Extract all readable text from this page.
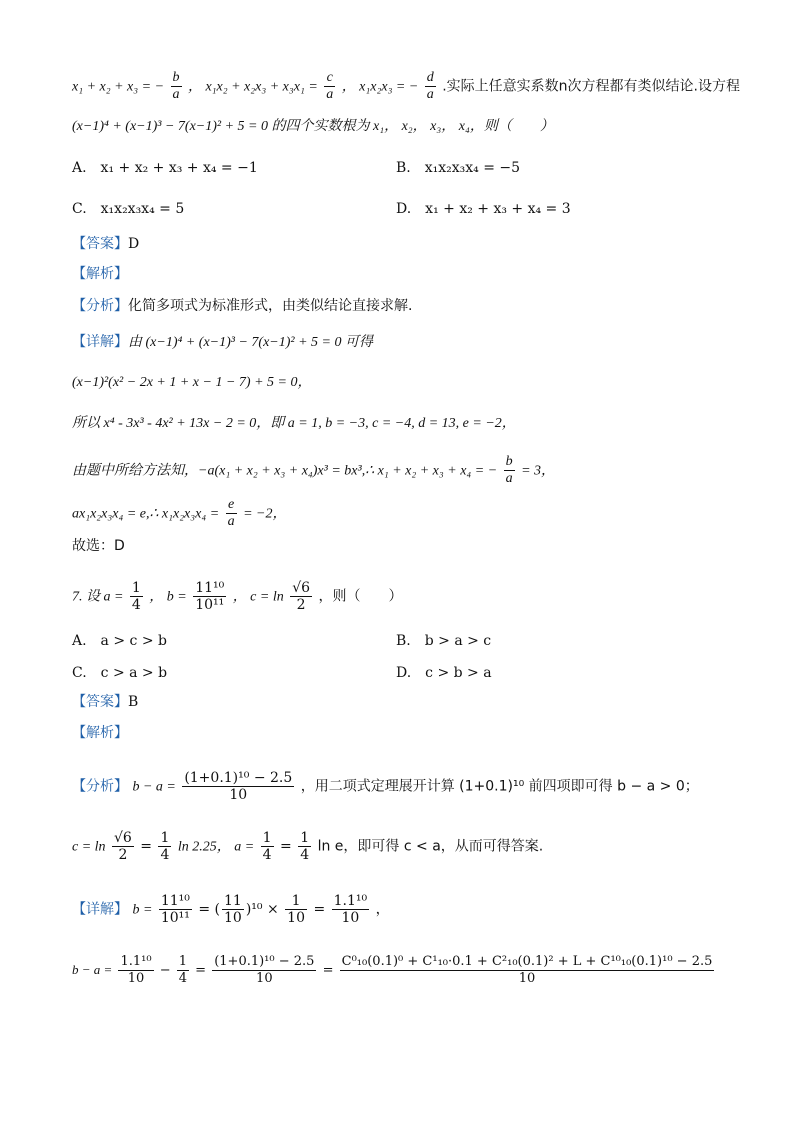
x₁ + x₂ + x₃ = − $\frac{b}{a}$ ， $x_1x_2 + x_2x_3 + x_3x_1 = \frac{c}{a}$ ， x₁x₂x₃ = − $\frac{d}{a}$ .实际上任意实系数n次方程都有类似结论.设方程
(x−1)⁴ + (x−1)³ − 7(x−1)² + 5 = 0 的四个实数根为 x₁， x₂， x₃， x₄，则（　　）
A.　x₁ + x₂ + x₃ + x₄ = −1	B.　x₁x₂x₃x₄ = −5
C.　x₁x₂x₃x₄ = 5	D.　x₁ + x₂ + x₃ + x₄ = 3
【答案】D
【解析】
【分析】化简多项式为标准形式，由类似结论直接求解.
【详解】由 (x−1)⁴ + (x−1)³ − 7(x−1)² + 5 = 0 可得
(x−1)²(x² − 2x + 1 + x − 1 − 7) + 5 = 0，
所以 x⁴ - 3x³ - 4x² + 13x − 2 = 0，即 a = 1, b = −3, c = −4, d = 13, e = −2，
由题中所给方法知，−a(x₁ + x₂ + x₃ + x₄)x³ = bx³,∴ x₁ + x₂ + x₃ + x₄ = − $\frac{b}{a} = 3$，
ax₁x₂x₃x₄ = e,∴ $x_1x_2x_3x_4 = \frac{e}{a} = -2$，
故选：D
7. 设 $a = \frac{1}{4}$ ， $b = \frac{\text{11¹⁰}}{\text{10¹¹}}$ ， $c = \ln \frac{√6}{2}$ ，则（　　）
A.　a > c > b	B.　b > a > c
C.　c > a > b	D.　c > b > a
【答案】B
【解析】
【分析】 $b - a = \frac{\text{(1+0.1)¹⁰ − 2.5}}{10}$ ，用二项式定理展开计算 (1+0.1)¹⁰ 前四项即可得 b − a > 0；
$c = \ln \frac{√6}{2} = \frac{1}{4}$ ln 2.25， $a = \frac{1}{4} = \frac{1}{4}$ ln e，即可得 c < a，从而可得答案.
【详解】 $b = \frac{\text{11¹⁰}}{\text{10¹¹}}$ = ( $\frac{11}{10} )^{10} \times \frac{1}{10} = \frac{\text{1.1¹⁰}}{10}$ ，
$b - a = \frac{\text{1.1¹⁰}}{10} - \frac{1}{4} = \frac{\text{(1+0.1)¹⁰ − 2.5}}{10} = \frac{\text{C⁰₁₀(0.1)⁰ + C¹₁₀·0.1 + C²₁₀(0.1)² + L + C¹⁰₁₀(0.1)¹⁰ − 2.5}}{10}$
